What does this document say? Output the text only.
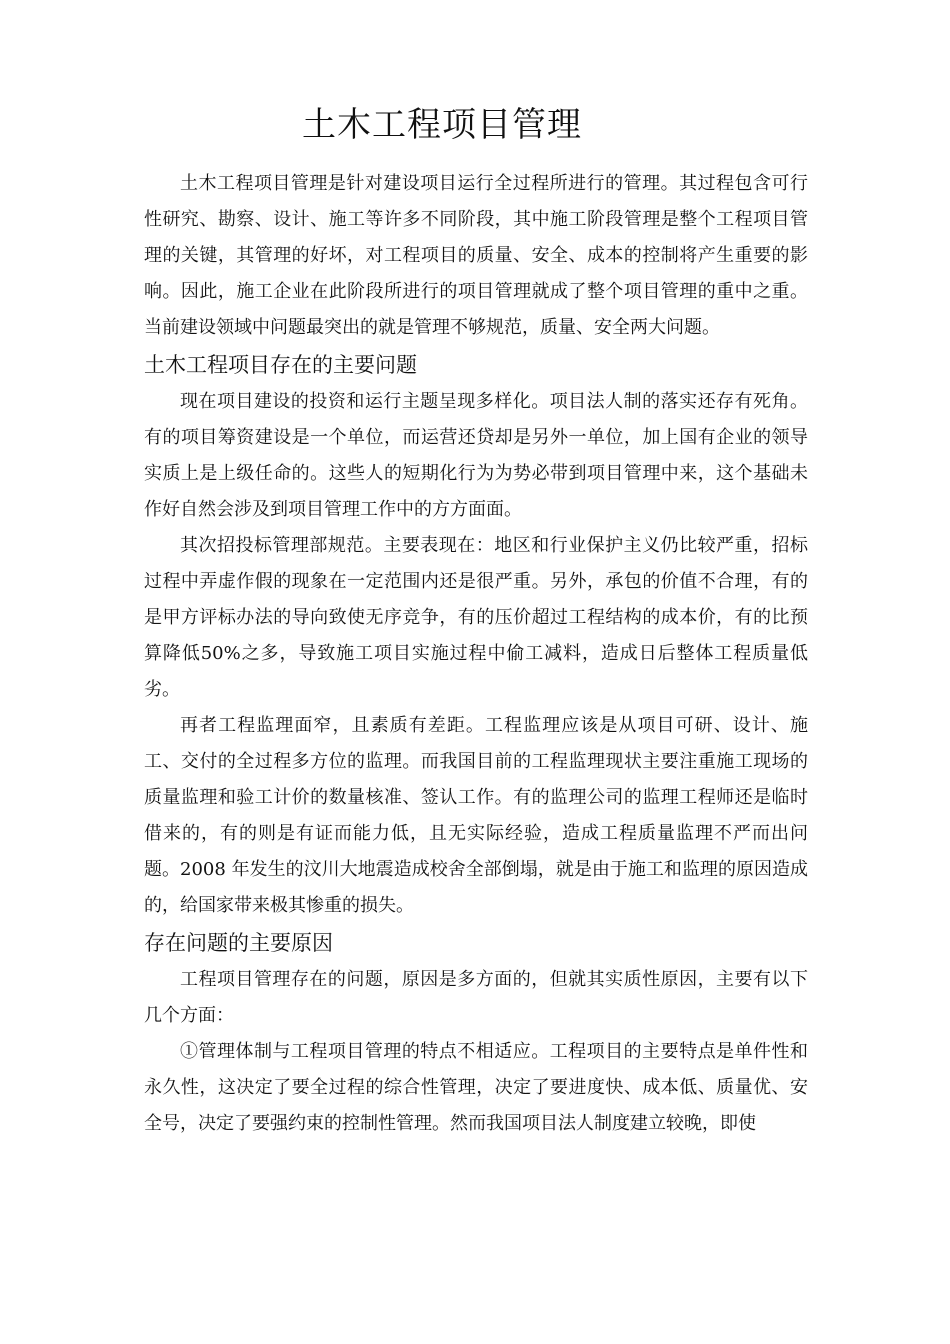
土木工程项目管理

土木工程项目管理是针对建设项目运行全过程所进行的管理。其过程包含可行性研究、勘察、设计、施工等许多不同阶段，其中施工阶段管理是整个工程项目管理的关键，其管理的好坏，对工程项目的质量、安全、成本的控制将产生重要的影响。因此，施工企业在此阶段所进行的项目管理就成了整个项目管理的重中之重。当前建设领域中问题最突出的就是管理不够规范，质量、安全两大问题。

土木工程项目存在的主要问题

现在项目建设的投资和运行主题呈现多样化。项目法人制的落实还存有死角。有的项目筹资建设是一个单位，而运营还贷却是另外一单位，加上国有企业的领导实质上是上级任命的。这些人的短期化行为为势必带到项目管理中来，这个基础未作好自然会涉及到项目管理工作中的方方面面。

其次招投标管理部规范。主要表现在：地区和行业保护主义仍比较严重，招标过程中弄虚作假的现象在一定范围内还是很严重。另外，承包的价值不合理，有的是甲方评标办法的导向致使无序竞争，有的压价超过工程结构的成本价，有的比预算降低50%之多，导致施工项目实施过程中偷工减料，造成日后整体工程质量低劣。

再者工程监理面窄，且素质有差距。工程监理应该是从项目可研、设计、施工、交付的全过程多方位的监理。而我国目前的工程监理现状主要注重施工现场的质量监理和验工计价的数量核准、签认工作。有的监理公司的监理工程师还是临时借来的，有的则是有证而能力低，且无实际经验，造成工程质量监理不严而出问题。2008 年发生的汶川大地震造成校舍全部倒塌，就是由于施工和监理的原因造成的，给国家带来极其惨重的损失。

存在问题的主要原因

工程项目管理存在的问题，原因是多方面的，但就其实质性原因，主要有以下几个方面：

①管理体制与工程项目管理的特点不相适应。工程项目的主要特点是单件性和永久性，这决定了要全过程的综合性管理，决定了要进度快、成本低、质量优、安全号，决定了要强约束的控制性管理。然而我国项目法人制度建立较晚，即使
